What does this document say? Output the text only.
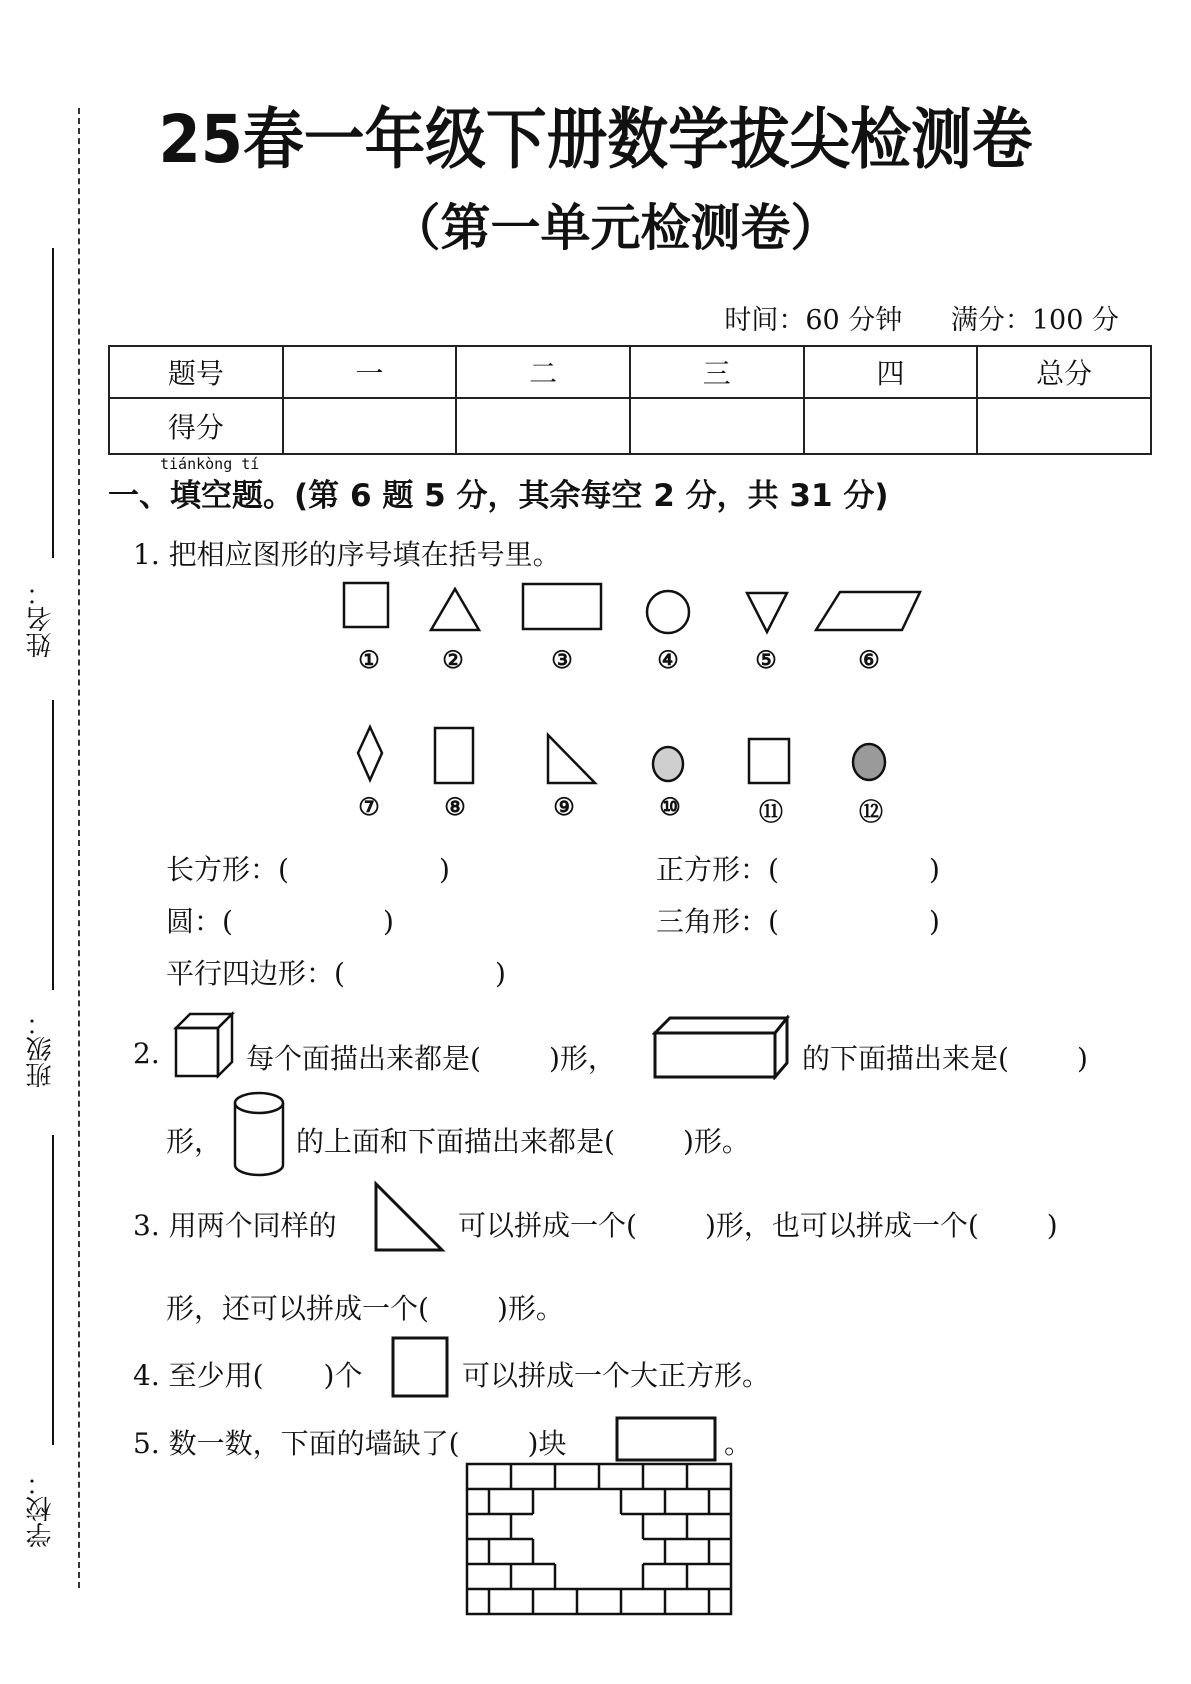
姓名：
班级：
学校：
25春一年级下册数学拔尖检测卷
（第一单元检测卷）
时间：60 分钟 满分：100 分
题号	一	二	三	四	总分
得分					
tiánkòng tí
一、填空题。(第 6 题 5 分，其余每空 2 分，共 31 分)
1. 把相应图形的序号填在括号里。
①	②	③	④	⑤	⑥
⑦	⑧	⑨	⑩	⑪	⑫
长方形：(	)	正方形：(	)
圆：(	)	三角形：(	)
平行四边形：(	)
2.	每个面描出来都是( )形，	的下面描出来是( )
形，	的上面和下面描出来都是( )形。
3. 用两个同样的	可以拼成一个( )形，也可以拼成一个( )
形，还可以拼成一个( )形。
4. 至少用( )个	可以拼成一个大正方形。
5. 数一数，下面的墙缺了( )块	。
